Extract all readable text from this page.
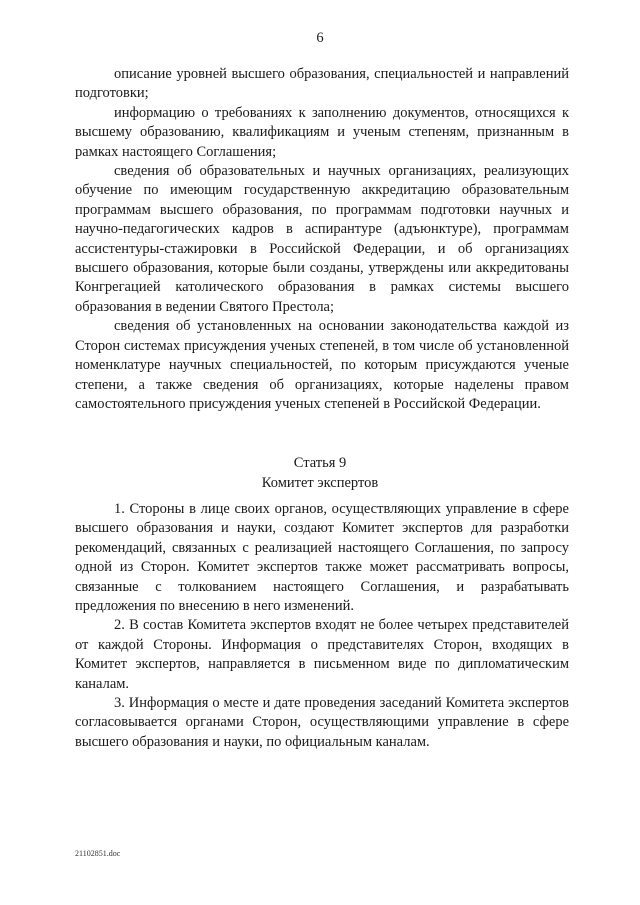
6

описание уровней высшего образования, специальностей и направлений подготовки;

информацию о требованиях к заполнению документов, относящихся к высшему образованию, квалификациям и ученым степеням, признанным в рамках настоящего Соглашения;

сведения об образовательных и научных организациях, реализующих обучение по имеющим государственную аккредитацию образовательным программам высшего образования, по программам подготовки научных и научно-педагогических кадров в аспирантуре (адъюнктуре), программам ассистентуры-стажировки в Российской Федерации, и об организациях высшего образования, которые были созданы, утверждены или аккредитованы Конгрегацией католического образования в рамках системы высшего образования в ведении Святого Престола;

сведения об установленных на основании законодательства каждой из Сторон системах присуждения ученых степеней, в том числе об установленной номенклатуре научных специальностей, по которым присуждаются ученые степени, а также сведения об организациях, которые наделены правом самостоятельного присуждения ученых степеней в Российской Федерации.

Статья 9
Комитет экспертов

1. Стороны в лице своих органов, осуществляющих управление в сфере высшего образования и науки, создают Комитет экспертов для разработки рекомендаций, связанных с реализацией настоящего Соглашения, по запросу одной из Сторон. Комитет экспертов также может рассматривать вопросы, связанные с толкованием настоящего Соглашения, и разрабатывать предложения по внесению в него изменений.

2. В состав Комитета экспертов входят не более четырех представителей от каждой Стороны. Информация о представителях Сторон, входящих в Комитет экспертов, направляется в письменном виде по дипломатическим каналам.

3. Информация о месте и дате проведения заседаний Комитета экспертов согласовывается органами Сторон, осуществляющими управление в сфере высшего образования и науки, по официальным каналам.

21102851.doc
